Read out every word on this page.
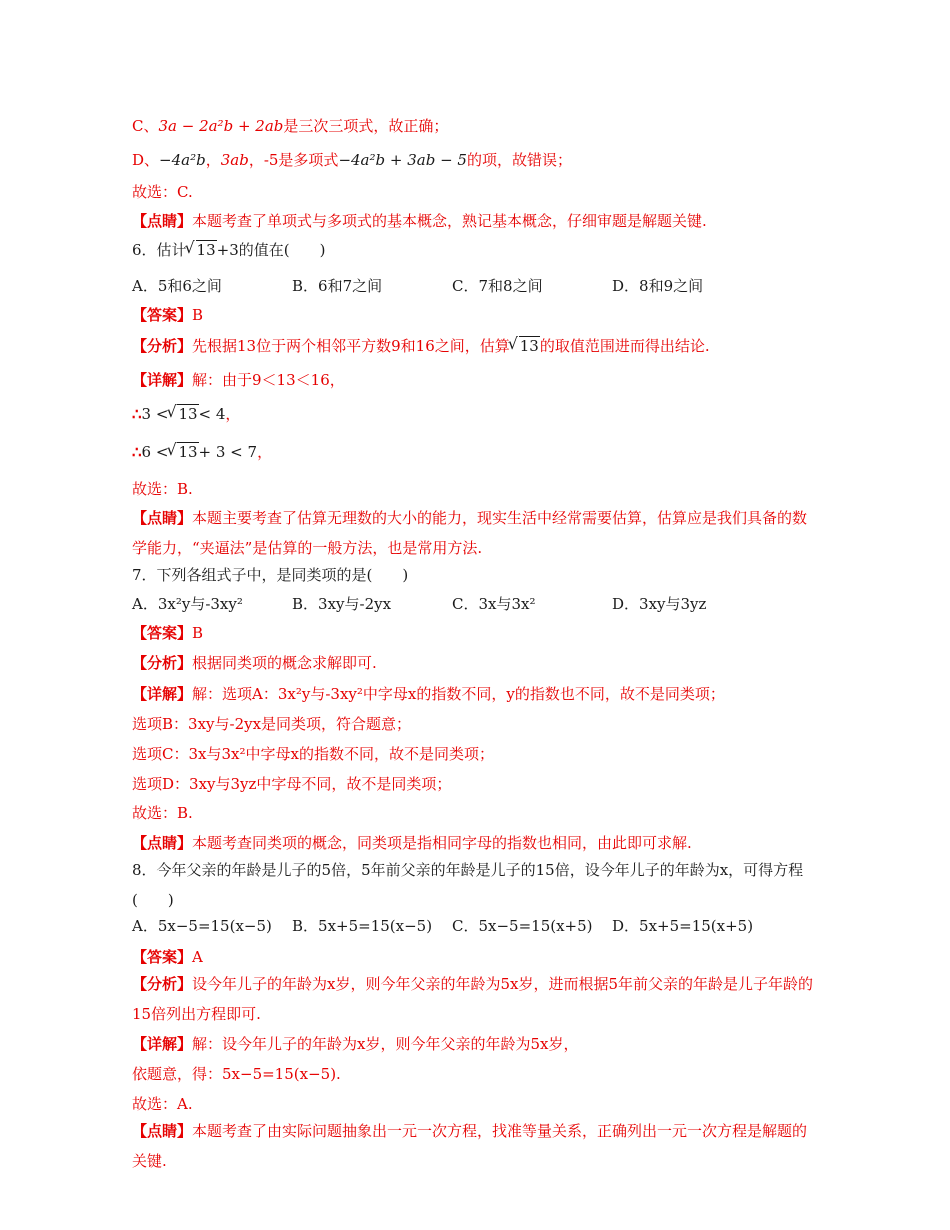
C、3a − 2a²b + 2ab是三次三项式，故正确；
D、−4a²b，3ab，-5是多项式−4a²b + 3ab − 5的项，故错误；
故选：C.
【点睛】本题考查了单项式与多项式的基本概念，熟记基本概念，仔细审题是解题关键.
6．估计 √ 13+3的值在(　　)
A．5和6之间	B．6和7之间	C．7和8之间	D．8和9之间
【答案】B
【分析】先根据13位于两个相邻平方数9和16之间，估算 √ 13的取值范围进而得出结论.
【详解】解：由于9＜13＜16，
∴3 < √ 13< 4，
∴6 < √ 13+ 3 < 7，
故选：B.
【点睛】本题主要考查了估算无理数的大小的能力，现实生活中经常需要估算，估算应是我们具备的数学能力，“夹逼法”是估算的一般方法，也是常用方法.
7．下列各组式子中，是同类项的是(　　)
A．3x²y与-3xy²	B．3xy与-2yx	C．3x与3x²	D．3xy与3yz
【答案】B
【分析】根据同类项的概念求解即可.
【详解】解：选项A：3x²y与-3xy²中字母x的指数不同，y的指数也不同，故不是同类项；
选项B：3xy与-2yx是同类项，符合题意；
选项C：3x与3x²中字母x的指数不同，故不是同类项；
选项D：3xy与3yz中字母不同，故不是同类项；
故选：B.
【点睛】本题考查同类项的概念，同类项是指相同字母的指数也相同，由此即可求解.
8．今年父亲的年龄是儿子的5倍，5年前父亲的年龄是儿子的15倍，设今年儿子的年龄为x，可得方程(　　)
A．5x−5=15(x−5) B．5x+5=15(x−5) C．5x−5=15(x+5) D．5x+5=15(x+5)
【答案】A
【分析】设今年儿子的年龄为x岁，则今年父亲的年龄为5x岁，进而根据5年前父亲的年龄是儿子年龄的15倍列出方程即可.
【详解】解：设今年儿子的年龄为x岁，则今年父亲的年龄为5x岁，
依题意，得：5x−5=15(x−5).
故选：A.
【点睛】本题考查了由实际问题抽象出一元一次方程，找准等量关系，正确列出一元一次方程是解题的关键.
